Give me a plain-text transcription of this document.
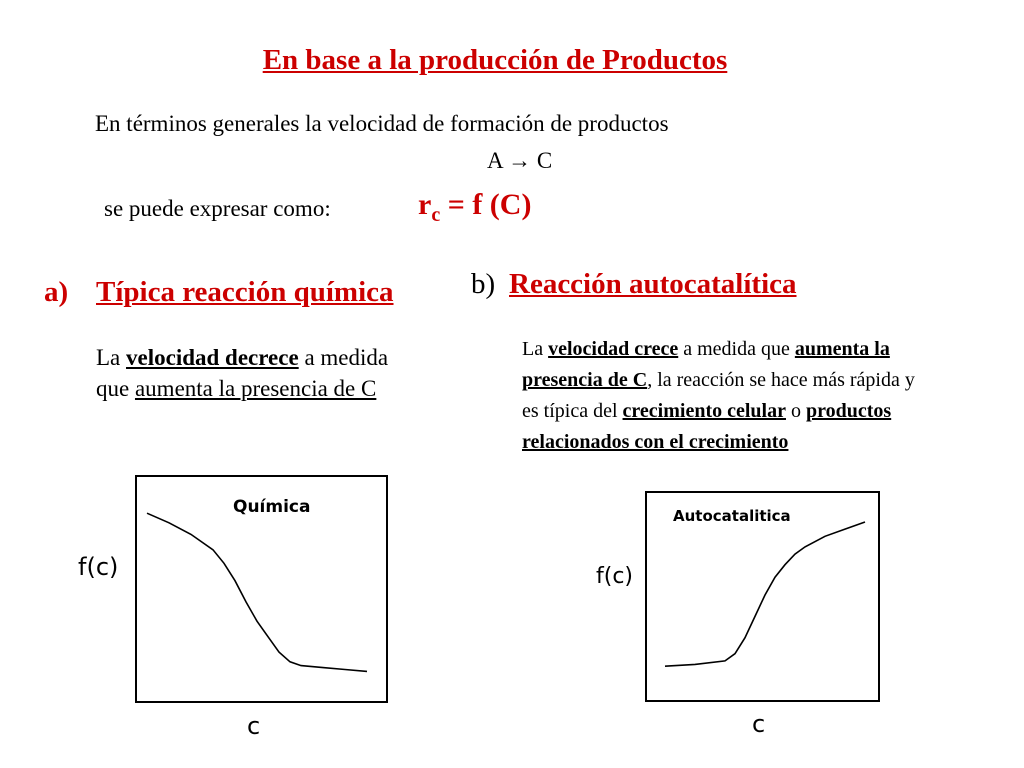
En base a la producción de Productos
En términos generales la velocidad de formación de productos
A → C
se puede expresar como:	$r_c = f$ (C)
a) Típica reacción química
La velocidad decrece a medida
que aumenta la presencia de C
b) Reacción autocatalítica
La velocidad crece a medida que aumenta la
presencia de C, la reacción se hace más rápida y
es típica del crecimiento celular o productos
relacionados con el crecimiento
f(c)
c
Química
f(c)
c
Autocatalitica
